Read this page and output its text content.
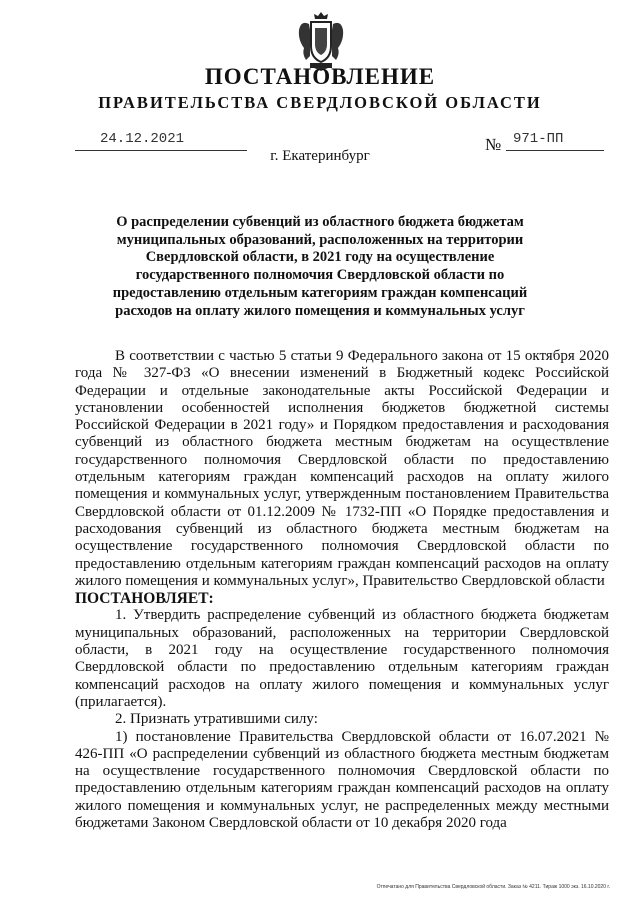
ПОСТАНОВЛЕНИЕ
ПРАВИТЕЛЬСТВА СВЕРДЛОВСКОЙ ОБЛАСТИ
24.12.2021	№ 971-ПП
г. Екатеринбург
О распределении субвенций из областного бюджета бюджетам муниципальных образований, расположенных на территории Свердловской области, в 2021 году на осуществление государственного полномочия Свердловской области по предоставлению отдельным категориям граждан компенсаций расходов на оплату жилого помещения и коммунальных услуг

В соответствии с частью 5 статьи 9 Федерального закона от 15 октября 2020 года № 327-ФЗ «О внесении изменений в Бюджетный кодекс Российской Федерации и отдельные законодательные акты Российской Федерации и установлении особенностей исполнения бюджетов бюджетной системы Российской Федерации в 2021 году» и Порядком предоставления и расходования субвенций из областного бюджета местным бюджетам на осуществление государственного полномочия Свердловской области по предоставлению отдельным категориям граждан компенсаций расходов на оплату жилого помещения и коммунальных услуг, утвержденным постановлением Правительства Свердловской области от 01.12.2009 № 1732-ПП «О Порядке предоставления и расходования субвенций из областного бюджета местным бюджетам на осуществление государственного полномочия Свердловской области по предоставлению отдельным категориям граждан компенсаций расходов на оплату жилого помещения и коммунальных услуг», Правительство Свердловской области

ПОСТАНОВЛЯЕТ:

1. Утвердить распределение субвенций из областного бюджета бюджетам муниципальных образований, расположенных на территории Свердловской области, в 2021 году на осуществление государственного полномочия Свердловской области по предоставлению отдельным категориям граждан компенсаций расходов на оплату жилого помещения и коммунальных услуг (прилагается).

2. Признать утратившими силу:

1) постановление Правительства Свердловской области от 16.07.2021 № 426-ПП «О распределении субвенций из областного бюджета местным бюджетам на осуществление государственного полномочия Свердловской области по предоставлению отдельным категориям граждан компенсаций расходов на оплату жилого помещения и коммунальных услуг, не распределенных между местными бюджетами Законом Свердловской области от 10 декабря 2020 года

Отпечатано для Правительства Свердловской области. Заказ № 4211. Тираж 1000 экз. 16.10.2020 г.
